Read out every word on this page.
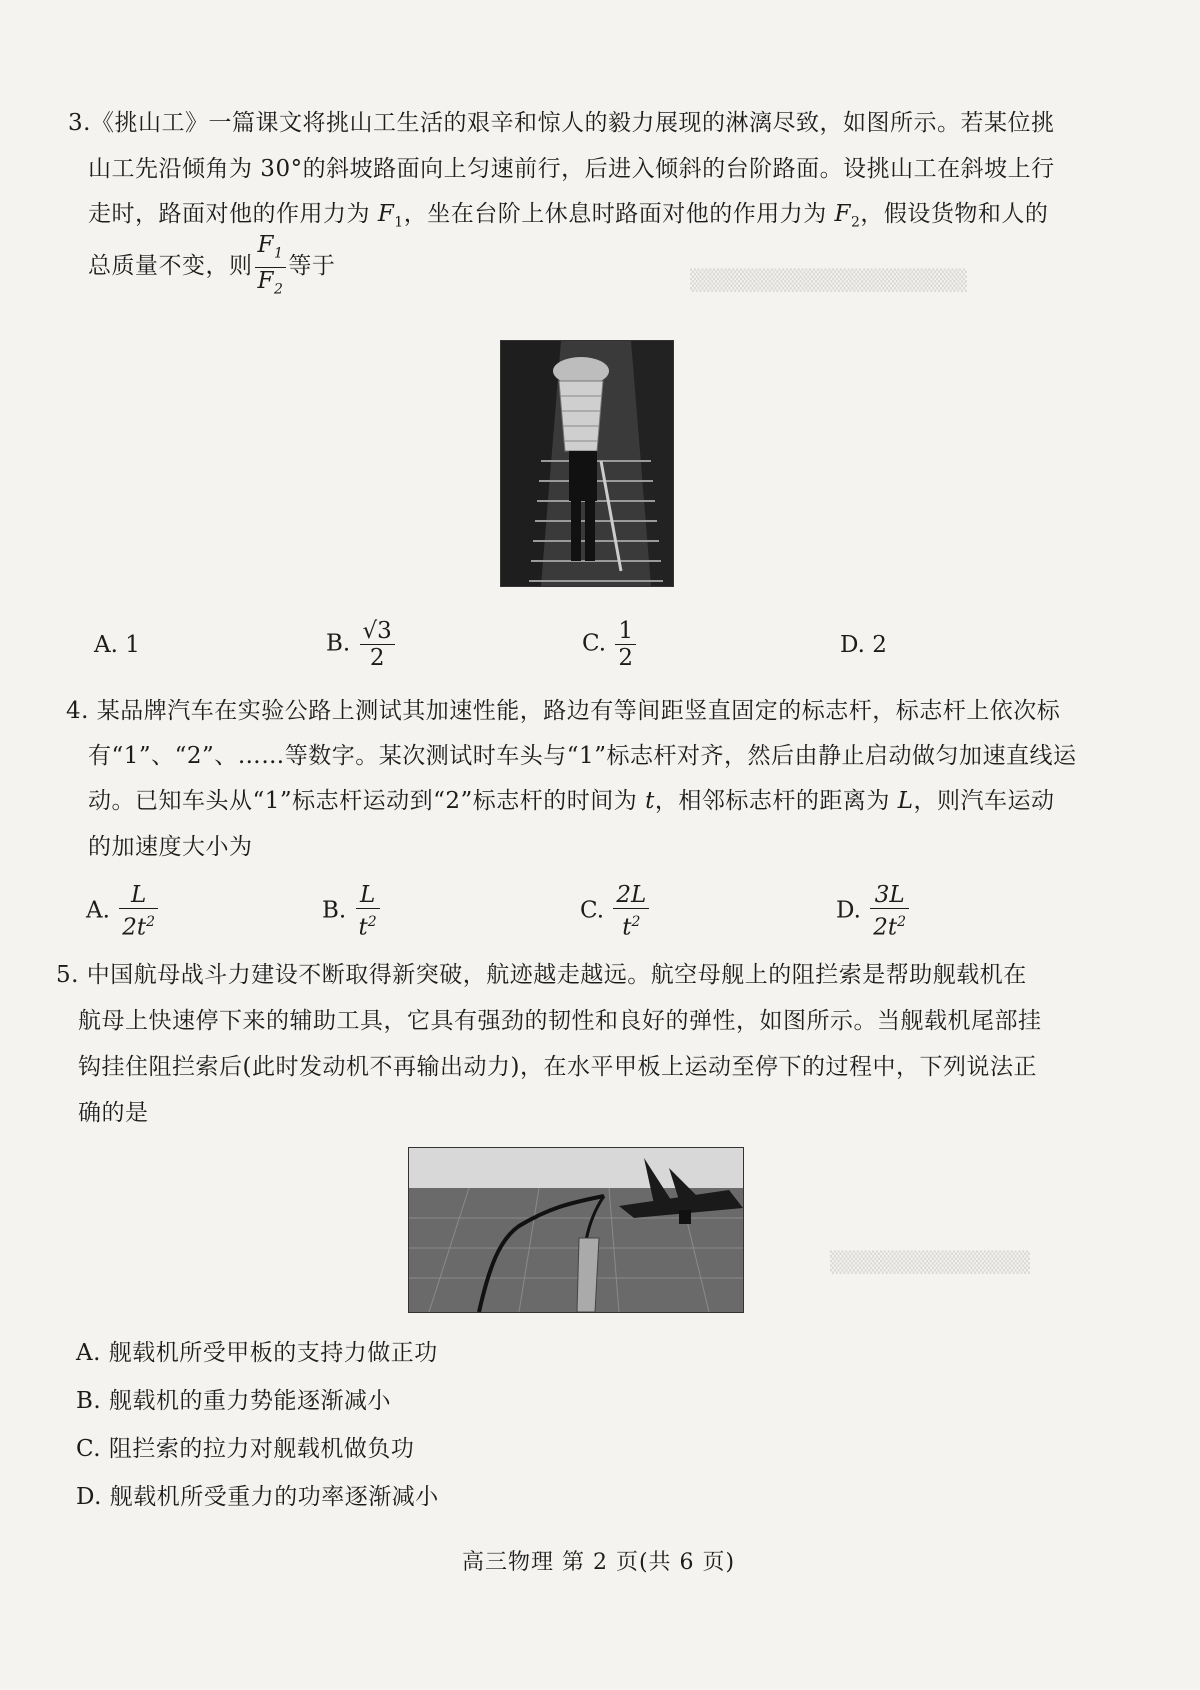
▒▒▒▒▒▒▒▒▒▒▒▒▒▒▒▒▒▒
▒▒▒▒▒▒▒▒▒▒▒▒▒
3.《挑山工》一篇课文将挑山工生活的艰辛和惊人的毅力展现的淋漓尽致，如图所示。若某位挑
山工先沿倾角为 30°的斜坡路面向上匀速前行，后进入倾斜的台阶路面。设挑山工在斜坡上行
走时，路面对他的作用力为 $F_1$，坐在台阶上休息时路面对他的作用力为 $F_2$，假设货物和人的
总质量不变，则 $\frac{F_1}{F_2}$ 等于
A. 1	B. $\frac{√3}{2}$	C. $\frac{1}{2}$	D. 2
4. 某品牌汽车在实验公路上测试其加速性能，路边有等间距竖直固定的标志杆，标志杆上依次标
有“1”、“2”、……等数字。某次测试时车头与“1”标志杆对齐，然后由静止启动做匀加速直线运
动。已知车头从“1”标志杆运动到“2”标志杆的时间为 t，相邻标志杆的距离为 L，则汽车运动
的加速度大小为
A. $\frac{L}{2t^2}$	B. $\frac{L}{t^2}$	C. $\frac{2L}{t^2}$	D. $\frac{3L}{2t^2}$
5. 中国航母战斗力建设不断取得新突破，航迹越走越远。航空母舰上的阻拦索是帮助舰载机在
航母上快速停下来的辅助工具，它具有强劲的韧性和良好的弹性，如图所示。当舰载机尾部挂
钩挂住阻拦索后(此时发动机不再输出动力)，在水平甲板上运动至停下的过程中，下列说法正
确的是
A. 舰载机所受甲板的支持力做正功
B. 舰载机的重力势能逐渐减小
C. 阻拦索的拉力对舰载机做负功
D. 舰载机所受重力的功率逐渐减小
高三物理 第 2 页(共 6 页)
